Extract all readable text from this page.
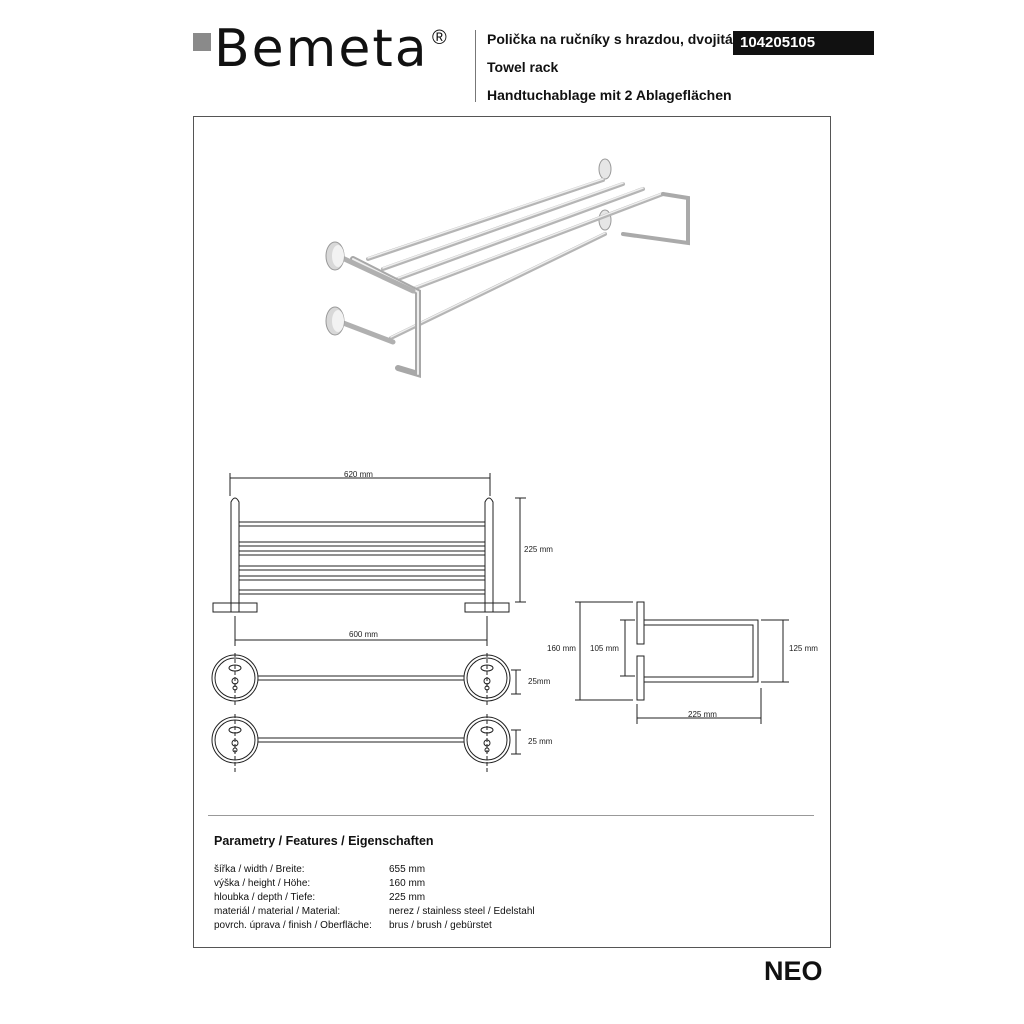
Bemeta ®	Polička na ručníky s hrazdou, dvojitá
Towel rack
Handtuchablage mit 2 Ablageflächen
104205105
620 mm
225 mm
600 mm
25mm
25 mm
160 mm 105 mm	125 mm
225 mm
Parametry / Features / Eigenschaften
šířka / width / Breite:	655 mm
výška / height / Höhe:	160 mm
hloubka / depth / Tiefe:	225 mm
materiál / material / Material:	nerez / stainless steel / Edelstahl
povrch. úprava / finish / Oberfläche:	brus / brush / gebürstet
NEO
